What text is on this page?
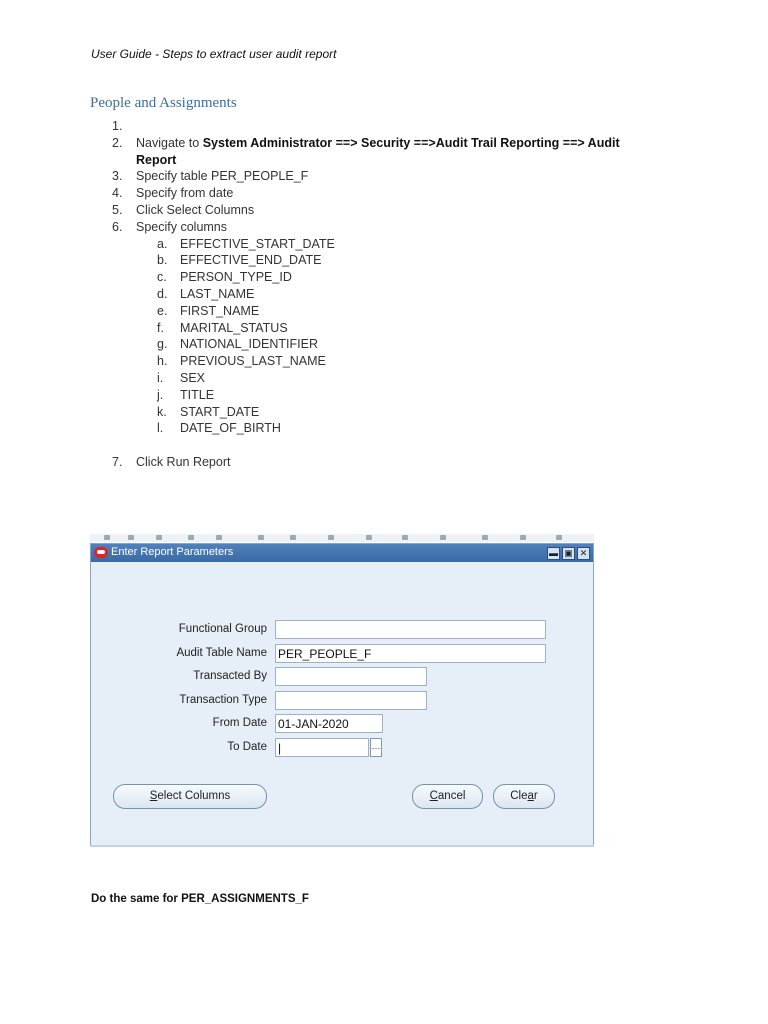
User Guide - Steps to extract user audit report
People and Assignments
1.
2.	Navigate to System Administrator ==> Security ==>Audit Trail Reporting ==> Audit
Report
3.	Specify table PER_PEOPLE_F
4.	Specify from date
5.	Click Select Columns
6.	Specify columns
a. EFFECTIVE_START_DATE
b. EFFECTIVE_END_DATE
c. PERSON_TYPE_ID
d. LAST_NAME
e. FIRST_NAME
f. MARITAL_STATUS
g. NATIONAL_IDENTIFIER
h. PREVIOUS_LAST_NAME
i. SEX
j. TITLE
k. START_DATE
l. DATE_OF_BIRTH
7.	Click Run Report
Enter Report Parameters	▬ ▣ ✕
Functional Group
Audit Table Name PER_PEOPLE_F
Transacted By
Transaction Type
From Date 01-JAN-2020
To Date |	…
Select Columns	Cancel	Clear
Do the same for PER_ASSIGNMENTS_F
